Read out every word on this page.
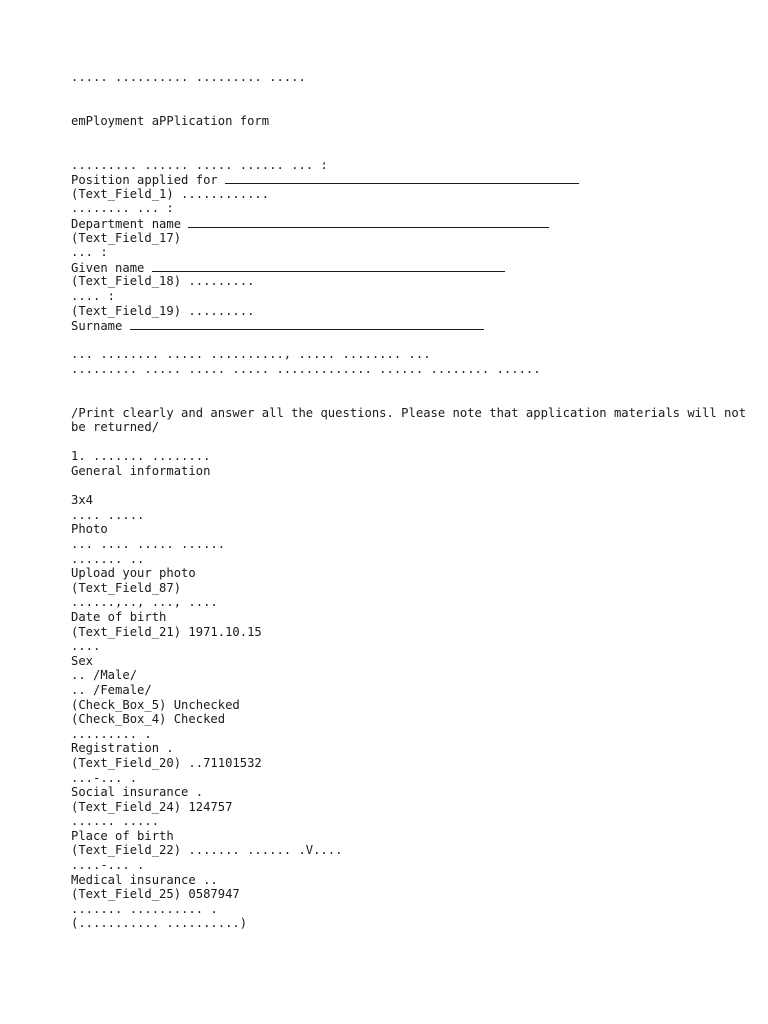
..... .......... ......... .....
emPloyment aPPlication form
......... ...... ..... ...... ... :
Position applied for
(Text_Field_1) ............
........ ... :
Department name
(Text_Field_17)
... :
Given name
(Text_Field_18) .........
.... :
(Text_Field_19) .........
Surname
... ........ ..... .........., ..... ........ ...
......... ..... ..... ..... ............. ...... ........ ......
/Print clearly and answer all the questions. Please note that application materials will not be returned/
1. ....... ........
General information
3x4
.... .....
Photo
... .... ..... ......
....... ..
Upload your photo
(Text_Field_87)
......,.., ..., ....
Date of birth
(Text_Field_21) 1971.10.15
....
Sex
.. /Male/
.. /Female/
(Check_Box_5) Unchecked
(Check_Box_4) Checked
......... .
Registration .
(Text_Field_20) ..71101532
...-... .
Social insurance .
(Text_Field_24) 124757
...... .....
Place of birth
(Text_Field_22) ....... ...... .V....
....-... .
Medical insurance ..
(Text_Field_25) 0587947
....... .......... .
(........... ..........)
